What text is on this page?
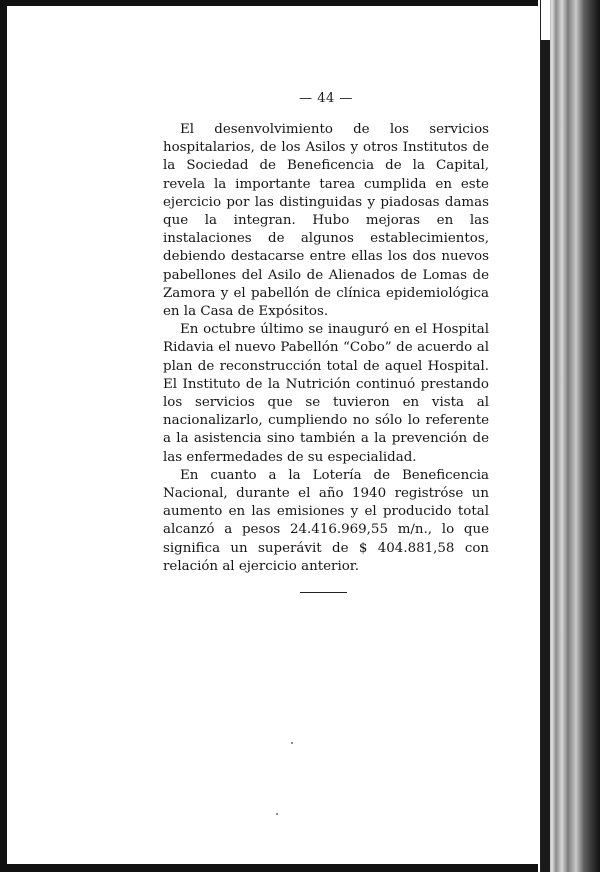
— 44 —

El desenvolvimiento de los servicios hospitalarios, de los Asilos y otros Institutos de la Sociedad de Beneficencia de la Capital, revela la importante tarea cumplida en este ejercicio por las distinguidas y piadosas damas que la integran. Hubo mejoras en las instalaciones de algunos establecimientos, debiendo destacarse entre ellas los dos nuevos pabellones del Asilo de Alienados de Lomas de Zamora y el pabellón de clínica epidemiológica en la Casa de Expósitos.

En octubre último se inauguró en el Hospital Ridavia el nuevo Pabellón “Cobo” de acuerdo al plan de reconstrucción total de aquel Hospital. El Instituto de la Nutrición continuó prestando los servicios que se tuvieron en vista al nacionalizarlo, cumpliendo no sólo lo referente a la asistencia sino también a la prevención de las enfermedades de su especialidad.

En cuanto a la Lotería de Beneficencia Nacional, durante el año 1940 registróse un aumento en las emisiones y el producido total alcanzó a pesos 24.416.969,55 m/n., lo que significa un superávit de $ 404.881,58 con relación al ejercicio anterior.
